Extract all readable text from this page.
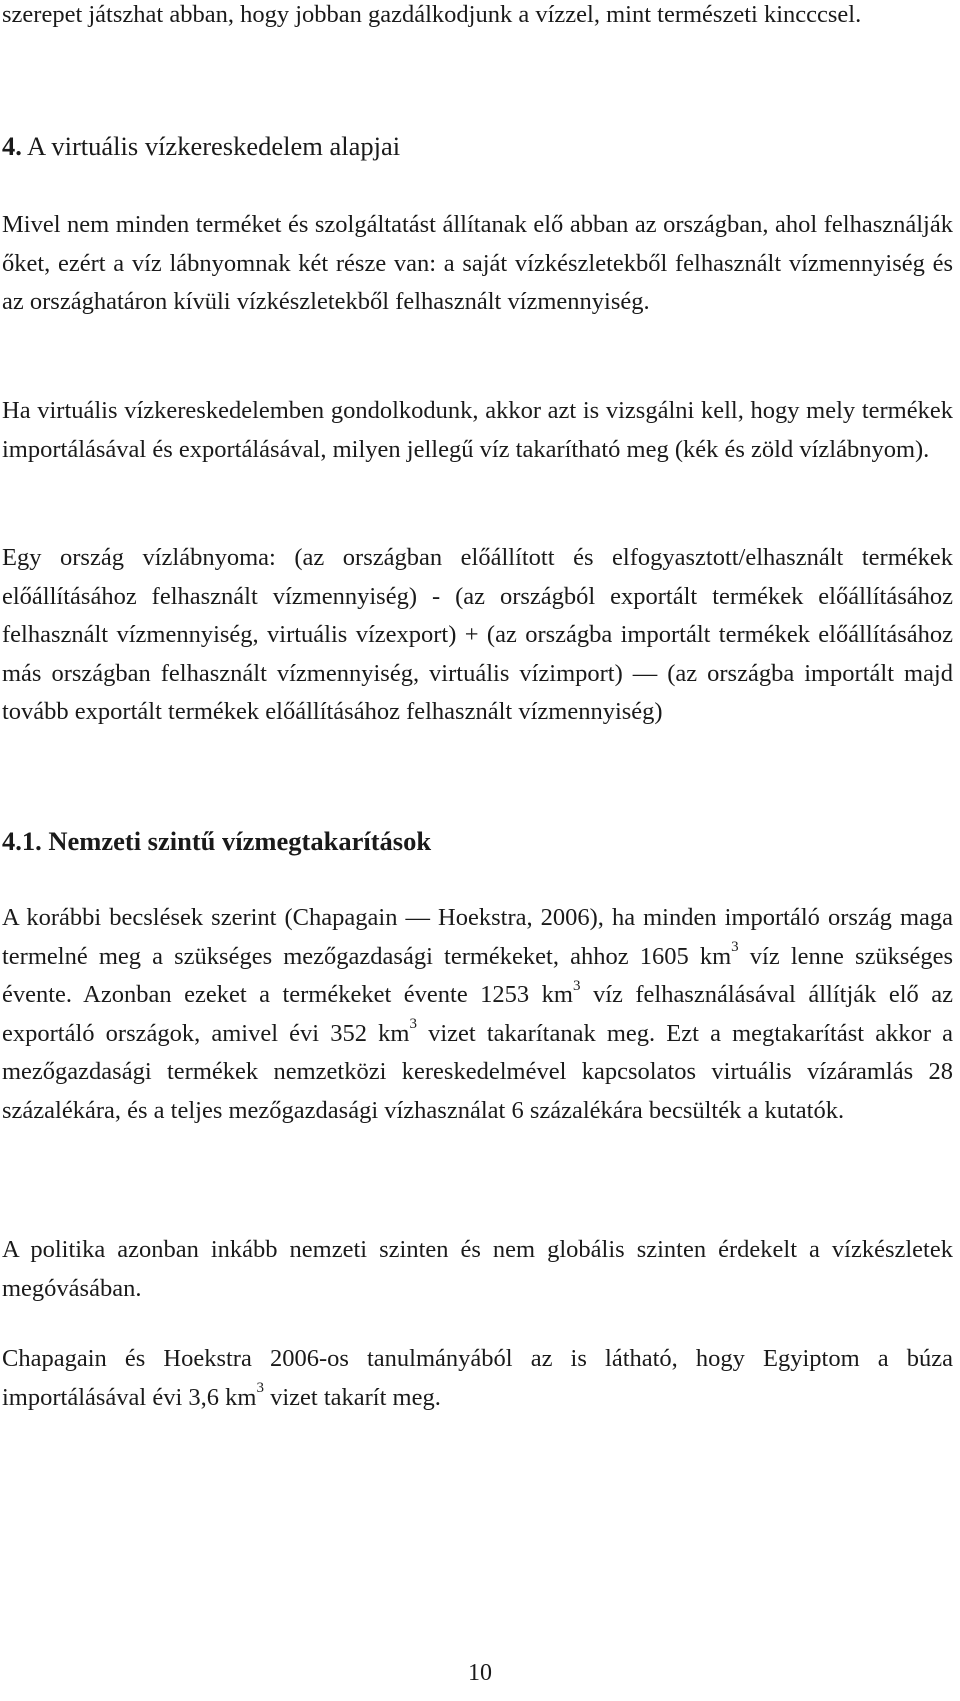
szerepet játszhat abban, hogy jobban gazdálkodjunk a vízzel, mint természeti kincccsel.

4. A virtuális vízkereskedelem alapjai

Mivel nem minden terméket és szolgáltatást állítanak elő abban az országban, ahol felhasználják őket, ezért a víz lábnyomnak két része van: a saját vízkészletekből felhasznált vízmennyiség és az országhatáron kívüli vízkészletekből felhasznált vízmennyiség.

Ha virtuális vízkereskedelemben gondolkodunk, akkor azt is vizsgálni kell, hogy mely termékek importálásával és exportálásával, milyen jellegű víz takarítható meg (kék és zöld vízlábnyom).

Egy ország vízlábnyoma: (az országban előállított és elfogyasztott/elhasznált termékek előállításához felhasznált vízmennyiség) - (az országból exportált termékek előállításához felhasznált vízmennyiség, virtuális vízexport) + (az országba importált termékek előállításához más országban felhasznált vízmennyiség, virtuális vízimport) — (az országba importált majd tovább exportált termékek előállításához felhasznált vízmennyiség)

4.1. Nemzeti szintű vízmegtakarítások

A korábbi becslések szerint (Chapagain — Hoekstra, 2006), ha minden importáló ország maga termelné meg a szükséges mezőgazdasági termékeket, ahhoz 1605 $km^3$ víz lenne szükséges évente. Azonban ezeket a termékeket évente 1253 $km^3$ víz felhasználásával állítják elő az exportáló országok, amivel évi 352 $km^3$ vizet takarítanak meg. Ezt a megtakarítást akkor a mezőgazdasági termékek nemzetközi kereskedelmével kapcsolatos virtuális vízáramlás 28 százalékára, és a teljes mezőgazdasági vízhasználat 6 százalékára becsülték a kutatók.

A politika azonban inkább nemzeti szinten és nem globális szinten érdekelt a vízkészletek megóvásában.

Chapagain és Hoekstra 2006-os tanulmányából az is látható, hogy Egyiptom a búza importálásával évi 3,6 $km^3$ vizet takarít meg.

10
